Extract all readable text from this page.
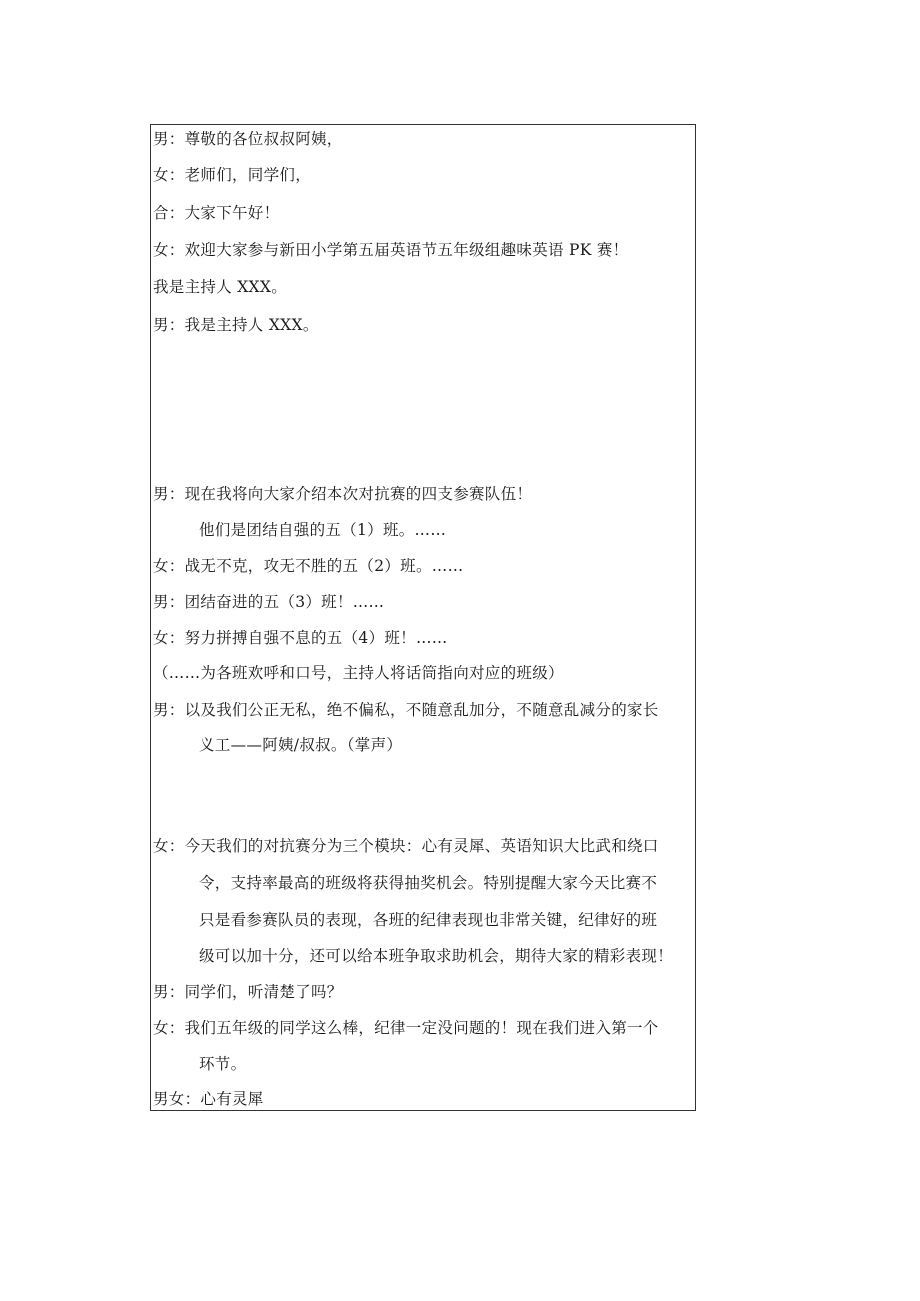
男：尊敬的各位叔叔阿姨，
女：老师们，同学们，
合：大家下午好！
女：欢迎大家参与新田小学第五届英语节五年级组趣味英语 PK 赛！
我是主持人 XXX。
男：我是主持人 XXX。
男：现在我将向大家介绍本次对抗赛的四支参赛队伍！
他们是团结自强的五（1）班。……
女：战无不克，攻无不胜的五（2）班。……
男：团结奋进的五（3）班！……
女：努力拼搏自强不息的五（4）班！……
（……为各班欢呼和口号，主持人将话筒指向对应的班级）
男：以及我们公正无私，绝不偏私，不随意乱加分，不随意乱减分的家长
义工——阿姨/叔叔。（掌声）
女：今天我们的对抗赛分为三个模块：心有灵犀、英语知识大比武和绕口
令，支持率最高的班级将获得抽奖机会。特别提醒大家今天比赛不
只是看参赛队员的表现，各班的纪律表现也非常关键，纪律好的班
级可以加十分，还可以给本班争取求助机会，期待大家的精彩表现！
男：同学们，听清楚了吗？
女：我们五年级的同学这么棒，纪律一定没问题的！现在我们进入第一个
环节。
男女：心有灵犀
